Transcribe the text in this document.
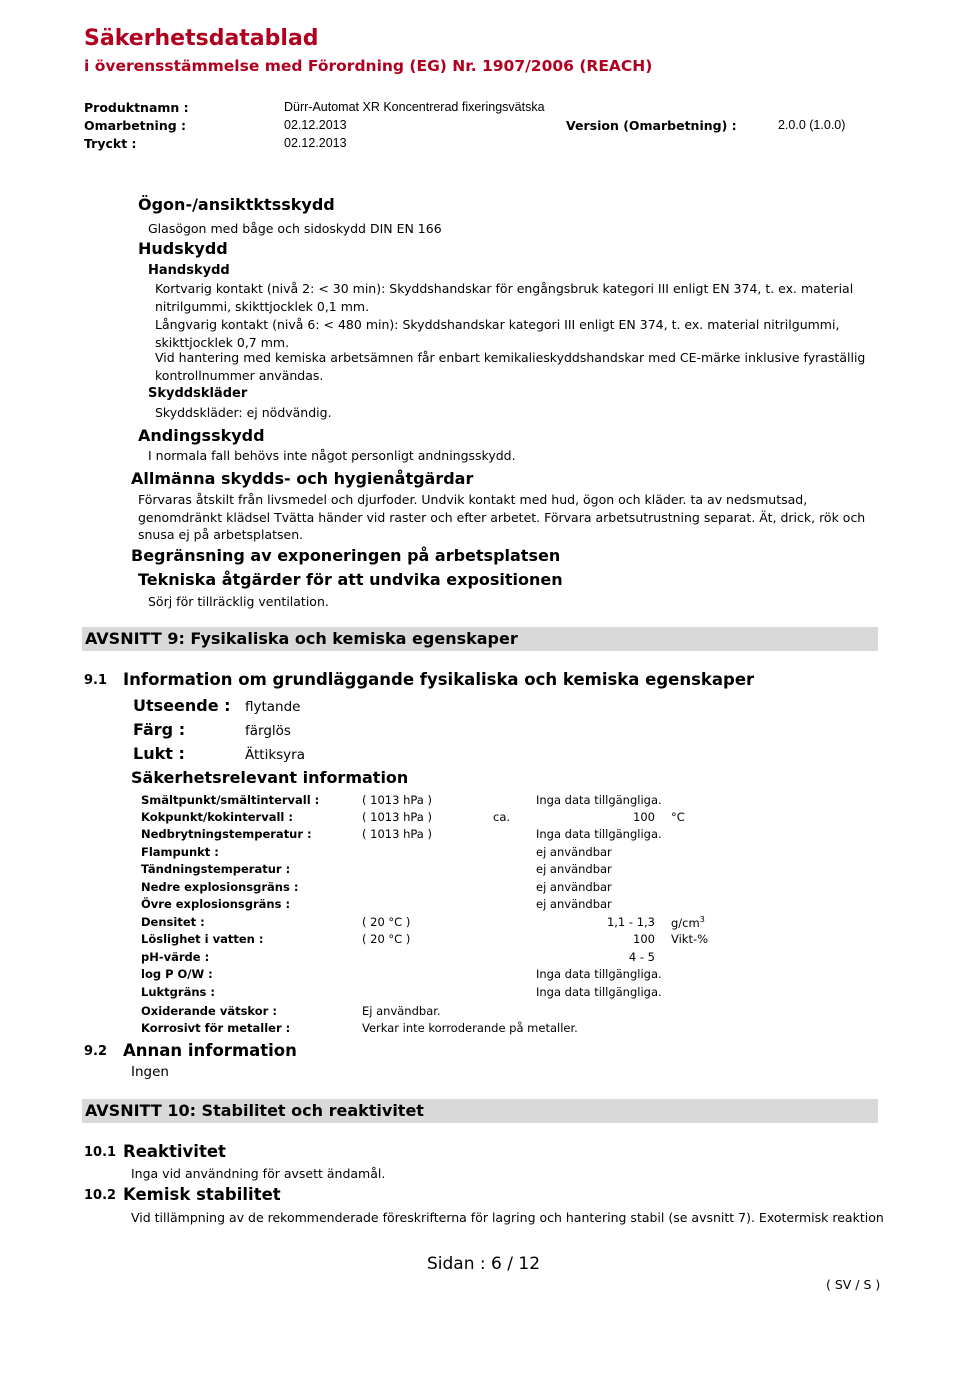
Säkerhetsdatablad
i överensstämmelse med Förordning (EG) Nr. 1907/2006 (REACH)
Produktnamn :	Dürr-Automat XR Koncentrerad fixeringsvätska
Omarbetning :	02.12.2013	Version (Omarbetning) :	2.0.0 (1.0.0)
Tryckt :	02.12.2013
Ögon-/ansiktktsskydd
Glasögon med båge och sidoskydd DIN EN 166
Hudskydd
Handskydd
Kortvarig kontakt (nivå 2: < 30 min): Skyddshandskar för engångsbruk kategori III enligt EN 374, t. ex. material nitrilgummi, skikttjocklek 0,1 mm.
Långvarig kontakt (nivå 6: < 480 min): Skyddshandskar kategori III enligt EN 374, t. ex. material nitrilgummi, skikttjocklek 0,7 mm.
Vid hantering med kemiska arbetsämnen får enbart kemikalieskyddshandskar med CE-märke inklusive fyraställig kontrollnummer användas.
Skyddskläder
Skyddskläder: ej nödvändig.
Andingsskydd
I normala fall behövs inte något personligt andningsskydd.
Allmänna skydds- och hygienåtgärdar
Förvaras åtskilt från livsmedel och djurfoder. Undvik kontakt med hud, ögon och kläder. ta av nedsmutsad, genomdränkt klädsel Tvätta händer vid raster och efter arbetet. Förvara arbetsutrustning separat. Ät, drick, rök och snusa ej på arbetsplatsen.
Begränsning av exponeringen på arbetsplatsen
Tekniska åtgärder för att undvika expositionen
Sörj för tillräcklig ventilation.
AVSNITT 9: Fysikaliska och kemiska egenskaper
9.1 Information om grundläggande fysikaliska och kemiska egenskaper
Utseende : flytande
Färg :	färglös
Lukt :	Ättiksyra
Säkerhetsrelevant information
Smältpunkt/smältintervall :	( 1013 hPa )	Inga data tillgängliga.
Kokpunkt/kokintervall :	( 1013 hPa )	ca.	100 °C
Nedbrytningstemperatur :	( 1013 hPa )	Inga data tillgängliga.
Flampunkt :	ej användbar
Tändningstemperatur :	ej användbar
Nedre explosionsgräns :	ej användbar
Övre explosionsgräns :	ej användbar
Densitet :	( 20 °C )	1,1 - 1,3 $g/cm^3$
Löslighet i vatten :	( 20 °C )	100 Vikt-%
pH-värde :	4 - 5
log P O/W :	Inga data tillgängliga.
Luktgräns :	Inga data tillgängliga.
Oxiderande vätskor :	Ej användbar.
Korrosivt för metaller :	Verkar inte korroderande på metaller.
9.2 Annan information
Ingen
AVSNITT 10: Stabilitet och reaktivitet
10.1 Reaktivitet
Inga vid användning för avsett ändamål.
10.2 Kemisk stabilitet
Vid tillämpning av de rekommenderade föreskrifterna för lagring och hantering stabil (se avsnitt 7). Exotermisk reaktion
Sidan : 6 / 12
( SV / S )
